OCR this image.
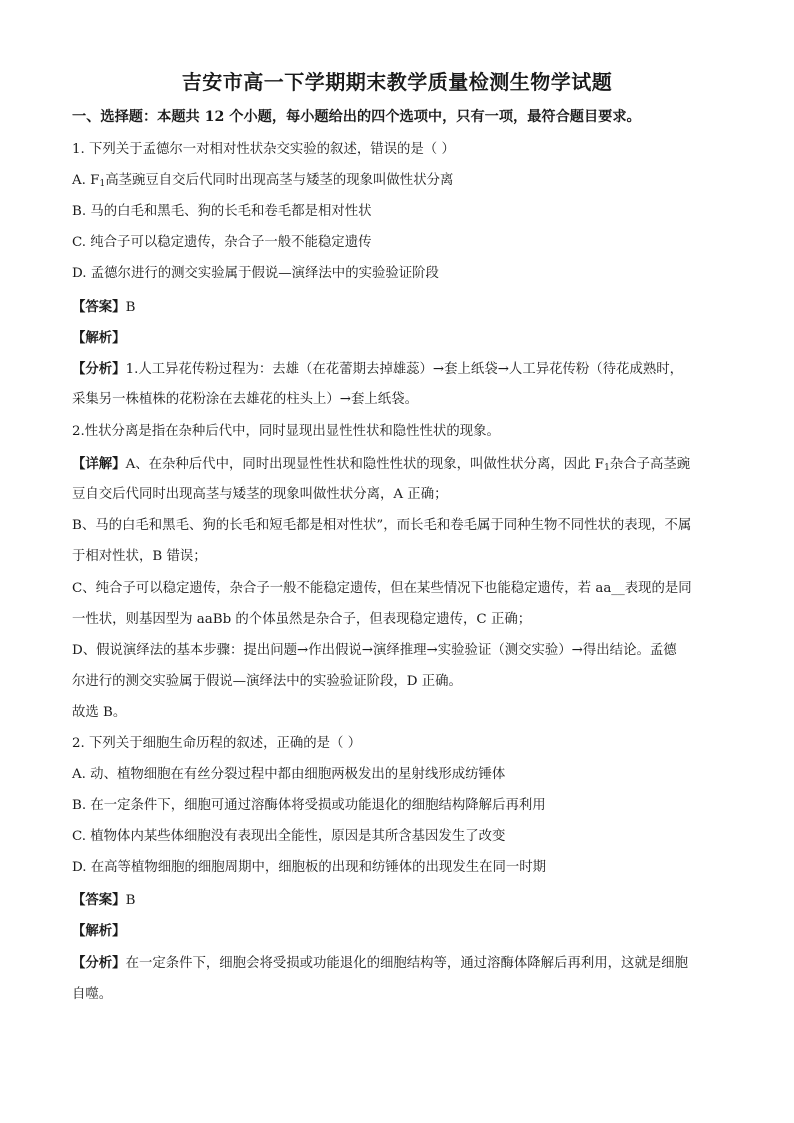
吉安市高一下学期期末教学质量检测生物学试题
一、选择题：本题共 12 个小题，每小题给出的四个选项中，只有一项，最符合题目要求。
1. 下列关于孟德尔一对相对性状杂交实验的叙述，错误的是（ ）
A. $F_1$高茎豌豆自交后代同时出现高茎与矮茎的现象叫做性状分离
B. 马的白毛和黑毛、狗的长毛和卷毛都是相对性状
C. 纯合子可以稳定遗传，杂合子一般不能稳定遗传
D. 孟德尔进行的测交实验属于假说—演绎法中的实验验证阶段
【答案】B
【解析】
【分析】1.人工异花传粉过程为：去雄（在花蕾期去掉雄蕊）→套上纸袋→人工异花传粉（待花成熟时，
采集另一株植株的花粉涂在去雄花的柱头上）→套上纸袋。
2.性状分离是指在杂种后代中，同时显现出显性性状和隐性性状的现象。
【详解】A、在杂种后代中，同时出现显性性状和隐性性状的现象，叫做性状分离，因此 $F_1$杂合子高茎豌
豆自交后代同时出现高茎与矮茎的现象叫做性状分离，A 正确；
B、马的白毛和黑毛、狗的长毛和短毛都是相对性状”，而长毛和卷毛属于同种生物不同性状的表现，不属
于相对性状，B 错误；
C、纯合子可以稳定遗传，杂合子一般不能稳定遗传，但在某些情况下也能稳定遗传，若 aa__表现的是同
一性状，则基因型为 aaBb 的个体虽然是杂合子，但表现稳定遗传，C 正确；
D、假说演绎法的基本步骤：提出问题→作出假说→演绎推理→实验验证（测交实验）→得出结论。孟德
尔进行的测交实验属于假说—演绎法中的实验验证阶段，D 正确。
故选 B。
2. 下列关于细胞生命历程的叙述，正确的是（ ）
A. 动、植物细胞在有丝分裂过程中都由细胞两极发出的星射线形成纺锤体
B. 在一定条件下，细胞可通过溶酶体将受损或功能退化的细胞结构降解后再利用
C. 植物体内某些体细胞没有表现出全能性，原因是其所含基因发生了改变
D. 在高等植物细胞的细胞周期中，细胞板的出现和纺锤体的出现发生在同一时期
【答案】B
【解析】
【分析】在一定条件下，细胞会将受损或功能退化的细胞结构等，通过溶酶体降解后再利用，这就是细胞
自噬。
